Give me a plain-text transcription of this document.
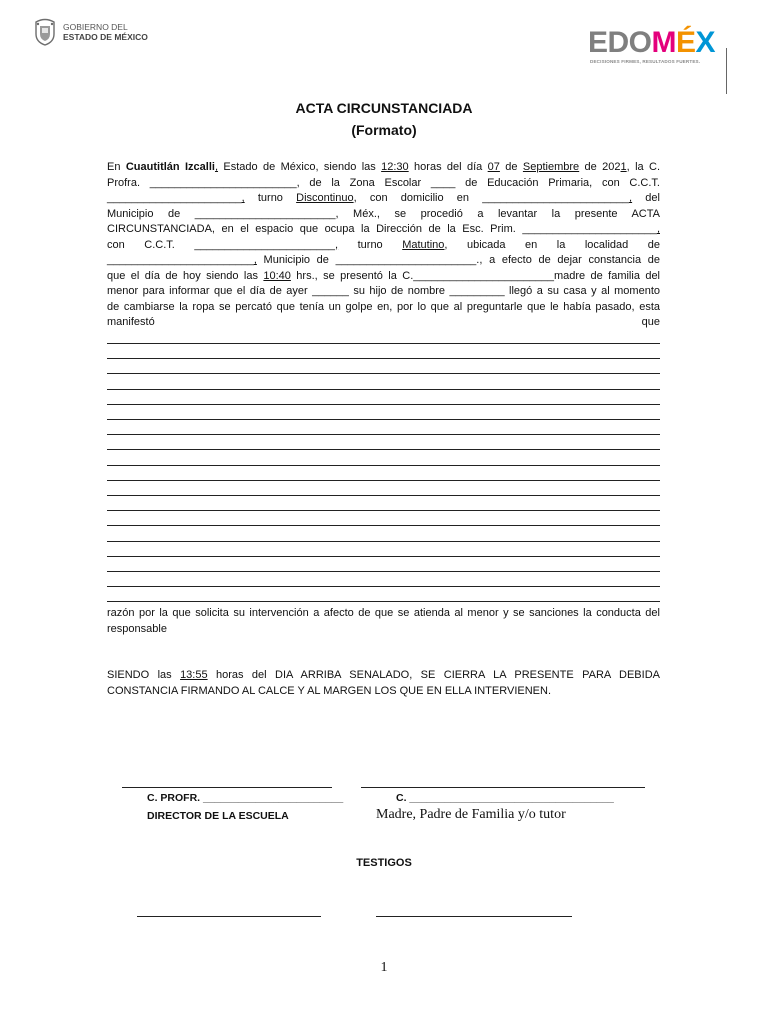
GOBIERNO DEL
ESTADO DE MÉXICO	EDOMÉX
DECISIONES FIRMES, RESULTADOS FUERTES.
ACTA CIRCUNSTANCIADA
(Formato)
En Cuautitlán Izcalli, Estado de México, siendo las 12:30 horas del día 07 de Septiembre de 2021, la C.
Profra. ________________________, de la Zona Escolar ____ de Educación Primaria, con C.C.T.
______________________, turno Discontinuo, con domicilio en ________________________, del
Municipio de _______________________, Méx., se procedió a levantar la presente ACTA
CIRCUNSTANCIADA, en el espacio que ocupa la Dirección de la Esc. Prim. ______________________,
con C.C.T. _______________________, turno Matutino, ubicada en la localidad de
________________________, Municipio de _______________________., a efecto de dejar constancia de
que el día de hoy siendo las 10:40 hrs., se presentó la C._______________________madre de familia del
menor para informar que el día de ayer ______ su hijo de nombre _________ llegó a su casa y al momento
de cambiarse la ropa se percató que tenía un golpe en, por lo que al preguntarle que le había pasado, esta
manifestó que
razón por la que solicita su intervención a afecto de que se atienda al menor y se sanciones la conducta del
responsable
SIENDO las 13:55 horas del DIA ARRIBA SENALADO, SE CIERRA LA PRESENTE PARA DEBIDA
CONSTANCIA FIRMANDO AL CALCE Y AL MARGEN LOS QUE EN ELLA INTERVIENEN.
C. PROFR. ________________________
DIRECTOR DE LA ESCUELA
C. ___________________________________
Madre, Padre de Familia y/o tutor
TESTIGOS
1
